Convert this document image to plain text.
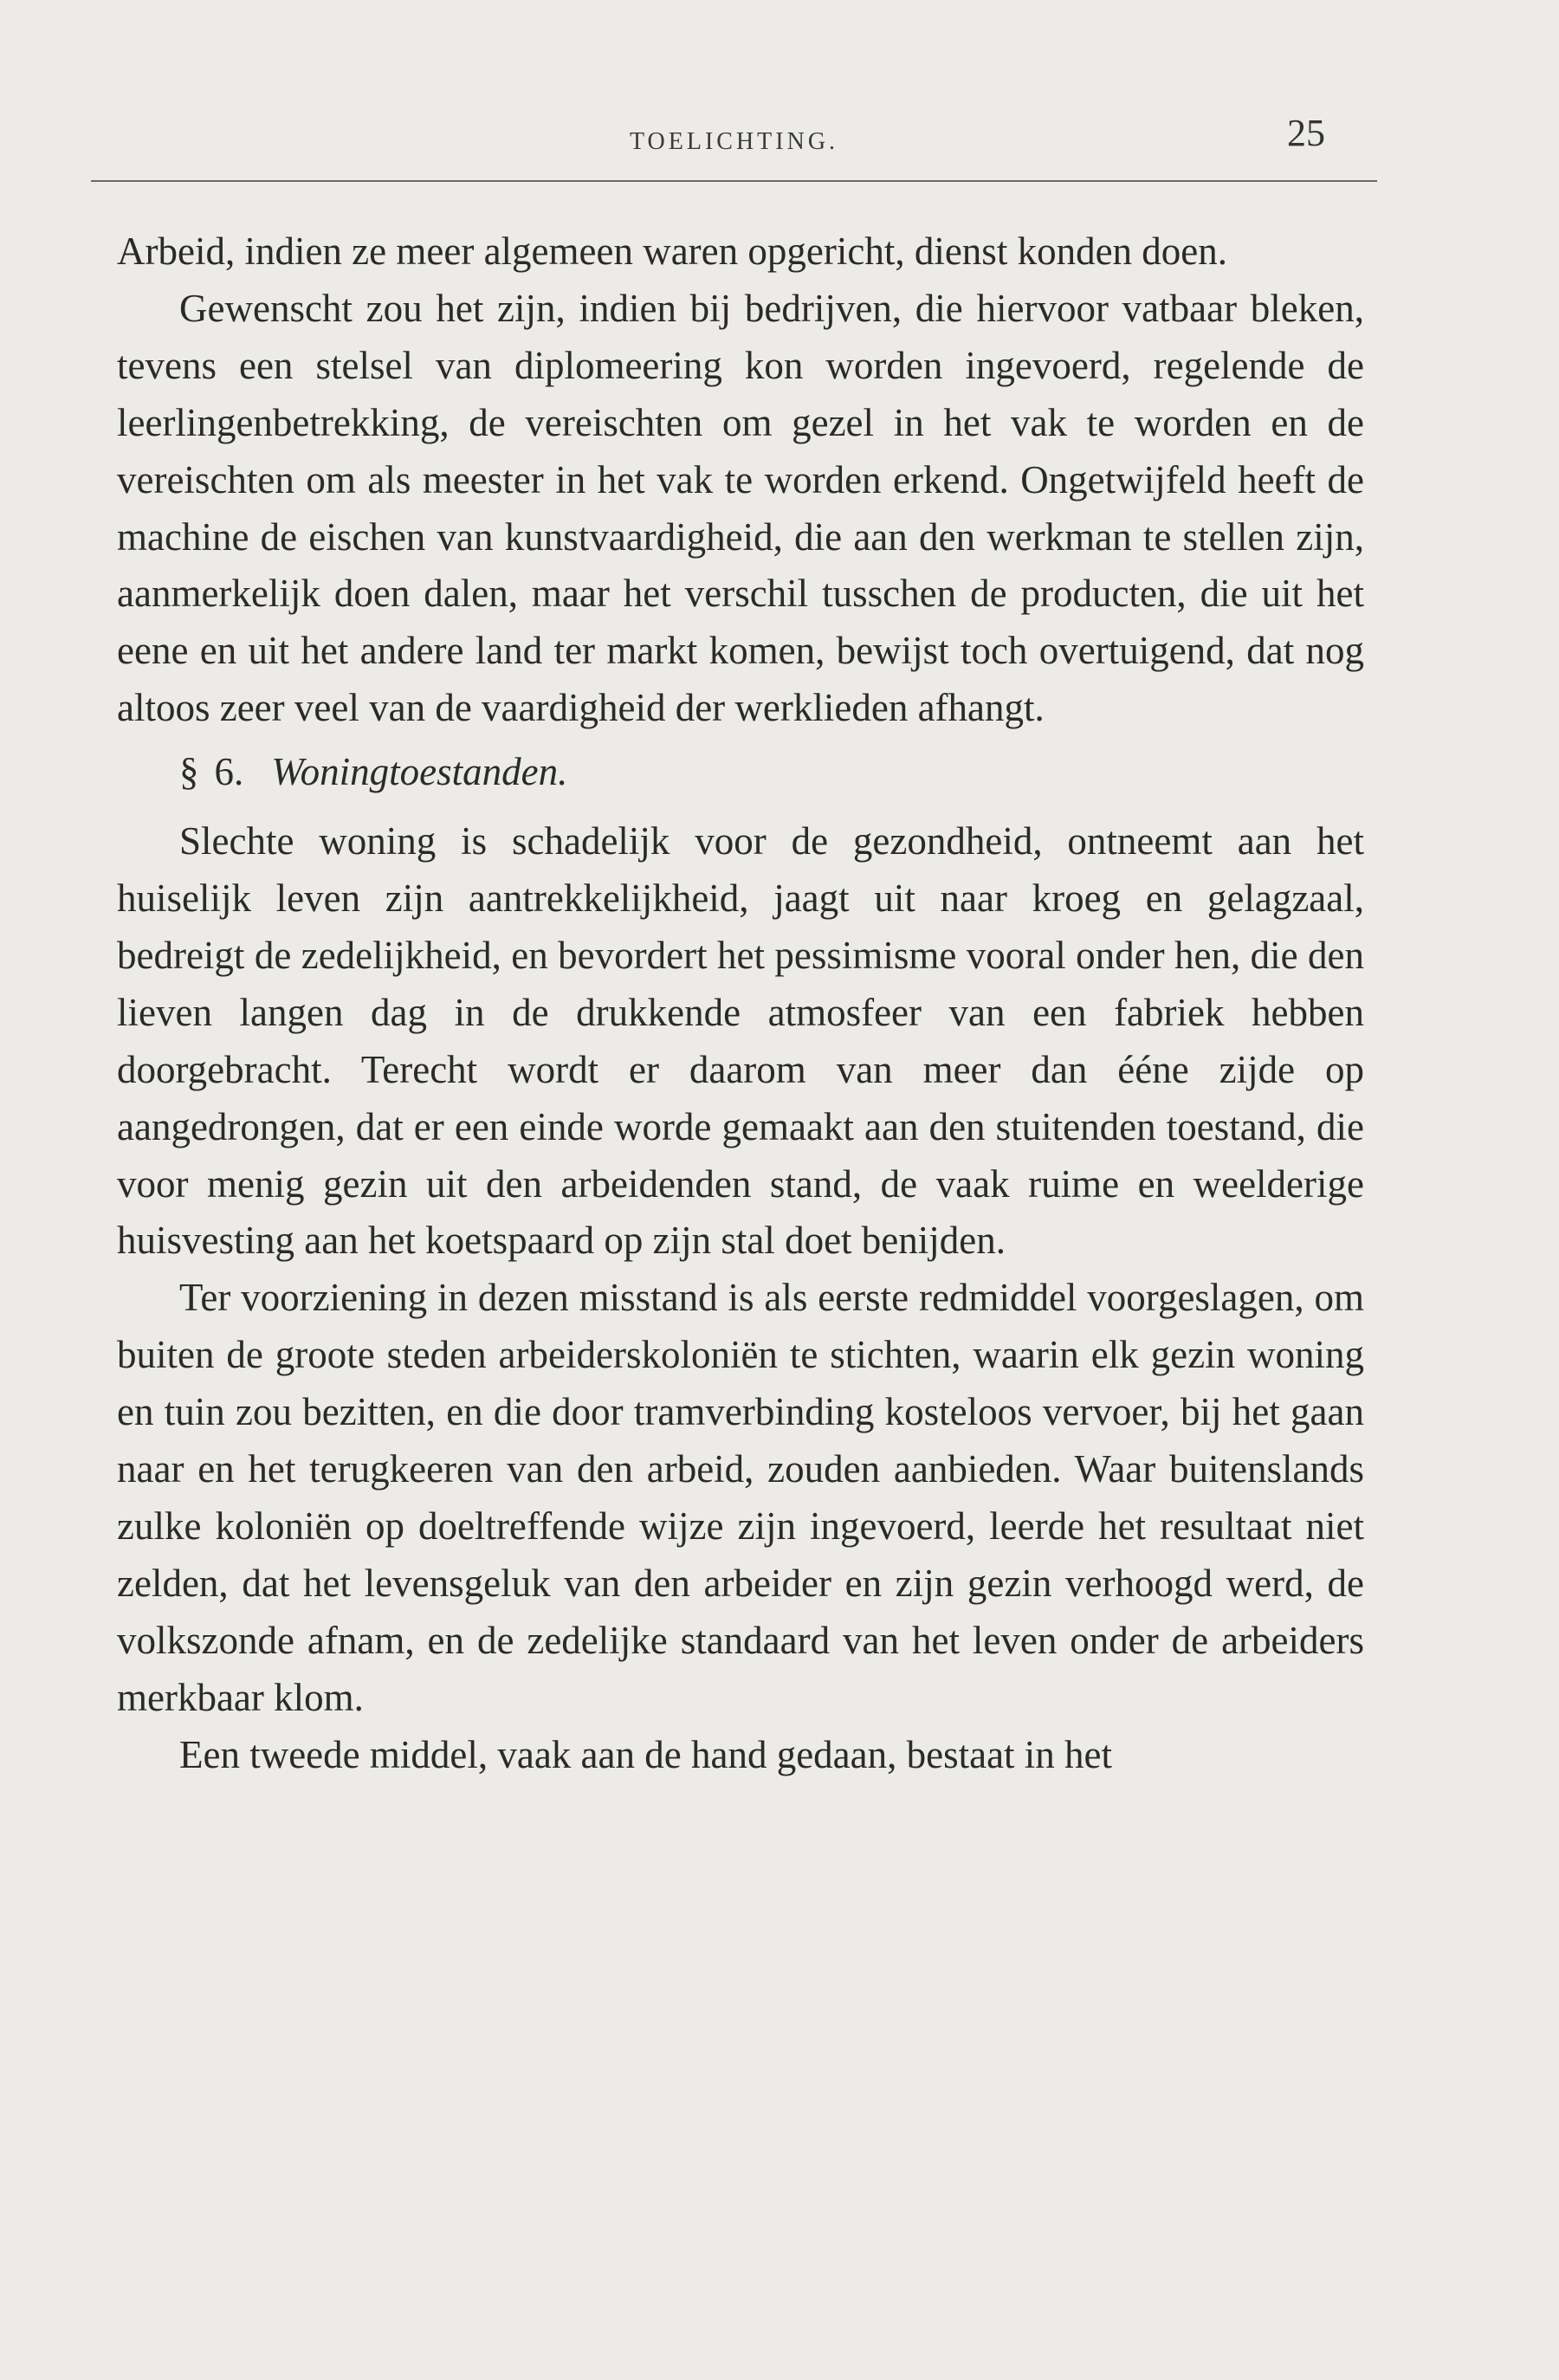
TOELICHTING.	25

Arbeid, indien ze meer algemeen waren opgericht, dienst konden doen.

Gewenscht zou het zijn, indien bij bedrijven, die hiervoor vatbaar bleken, tevens een stelsel van diplomeering kon worden ingevoerd, regelende de leerlingenbetrekking, de vereischten om gezel in het vak te worden en de vereischten om als meester in het vak te worden erkend. Ongetwijfeld heeft de machine de eischen van kunstvaardigheid, die aan den werkman te stellen zijn, aanmerkelijk doen dalen, maar het verschil tusschen de producten, die uit het eene en uit het andere land ter markt komen, bewijst toch overtuigend, dat nog altoos zeer veel van de vaardigheid der werklieden afhangt.

§ 6. Woningtoestanden.

Slechte woning is schadelijk voor de gezondheid, ontneemt aan het huiselijk leven zijn aantrekkelijkheid, jaagt uit naar kroeg en gelagzaal, bedreigt de zedelijkheid, en bevordert het pessimisme vooral onder hen, die den lieven langen dag in de drukkende atmosfeer van een fabriek hebben doorgebracht. Terecht wordt er daarom van meer dan ééne zijde op aangedrongen, dat er een einde worde gemaakt aan den stuitenden toestand, die voor menig gezin uit den arbeidenden stand, de vaak ruime en weelderige huisvesting aan het koetspaard op zijn stal doet benijden.

Ter voorziening in dezen misstand is als eerste redmiddel voorgeslagen, om buiten de groote steden arbeiderskoloniën te stichten, waarin elk gezin woning en tuin zou bezitten, en die door tramverbinding kosteloos vervoer, bij het gaan naar en het terugkeeren van den arbeid, zouden aanbieden. Waar buitenslands zulke koloniën op doeltreffende wijze zijn ingevoerd, leerde het resultaat niet zelden, dat het levensgeluk van den arbeider en zijn gezin verhoogd werd, de volkszonde afnam, en de zedelijke standaard van het leven onder de arbeiders merkbaar klom.

Een tweede middel, vaak aan de hand gedaan, bestaat in het
